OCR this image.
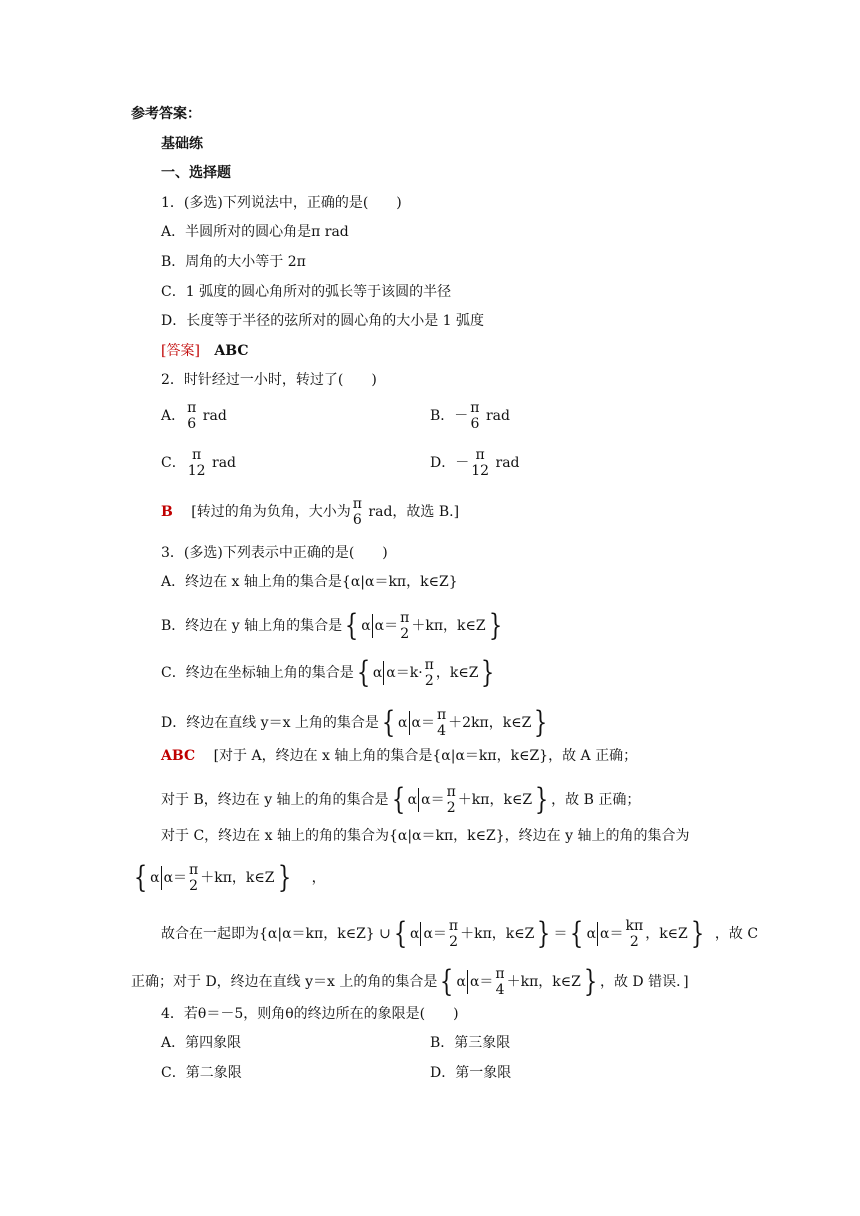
参考答案：
基础练
一、选择题
1．(多选)下列说法中，正确的是(　　)
A．半圆所对的圆心角是π rad
B．周角的大小等于 2π
C．1 弧度的圆心角所对的弧长等于该圆的半径
D．长度等于半径的弦所对的圆心角的大小是 1 弧度
[答案] ABC
2．时针经过一小时，转过了(　　)
A． π
6 rad	B．－ π
6 rad
C． π
12 rad	D．－ π
12 rad
B [转过的角为负角，大小为 π
6 rad，故选 B.]
3．(多选)下列表示中正确的是(　　)
A．终边在 x 轴上角的集合是{α|α＝kπ，k∈Z}
B．终边在 y 轴上角的集合是{ α α＝ π
2 ＋kπ，k∈Z}
C．终边在坐标轴上角的集合是{ α α＝k· π
2 ，k∈Z}
D．终边在直线 y＝x 上角的集合是{ α α＝ π
4 ＋2kπ，k∈Z}
ABC [对于 A，终边在 x 轴上角的集合是{α|α＝kπ，k∈Z}，故 A 正确；
对于 B，终边在 y 轴上的角的集合是{ α α＝ π
2 ＋kπ，k∈Z} ，故 B 正确；
对于 C，终边在 x 轴上的角的集合为{α|α＝kπ，k∈Z}，终边在 y 轴上的角的集合为
{ α α＝ π
2 ＋kπ，k∈Z} ，
故合在一起即为{α|α＝kπ，k∈Z} ∪{ α α＝ π
2 ＋kπ，k∈Z} ＝{ α α＝ kπ
2 ，k∈Z} ，故 C
正确；对于 D，终边在直线 y＝x 上的角的集合是{ α α＝ π
4 ＋kπ，k∈Z} ，故 D 错误．]
4．若θ＝－5，则角θ的终边所在的象限是(　　)
A．第四象限	B．第三象限
C．第二象限	D．第一象限
